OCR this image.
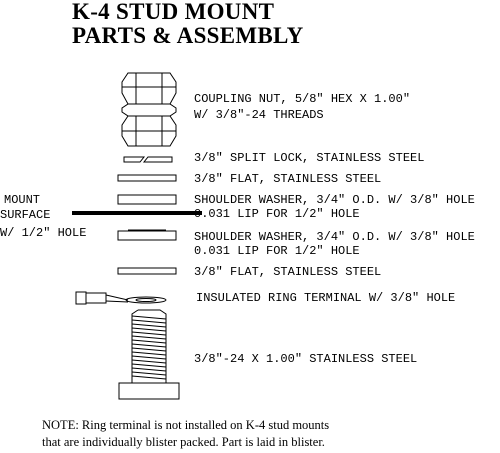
K-4 STUD MOUNT
PARTS & ASSEMBLY
COUPLING NUT, 5/8" HEX X 1.00"
W/ 3/8"-24 THREADS
3/8" SPLIT LOCK, STAINLESS STEEL
3/8" FLAT, STAINLESS STEEL
SHOULDER WASHER, 3/4" O.D. W/ 3/8" HOLE
0.031 LIP FOR 1/2" HOLE
SHOULDER WASHER, 3/4" O.D. W/ 3/8" HOLE
0.031 LIP FOR 1/2" HOLE
3/8" FLAT, STAINLESS STEEL
INSULATED RING TERMINAL W/ 3/8" HOLE
3/8"-24 X 1.00" STAINLESS STEEL
MOUNT
SURFACE
W/ 1/2" HOLE
NOTE: Ring terminal is not installed on K-4 stud mounts
that are individually blister packed. Part is laid in blister.
